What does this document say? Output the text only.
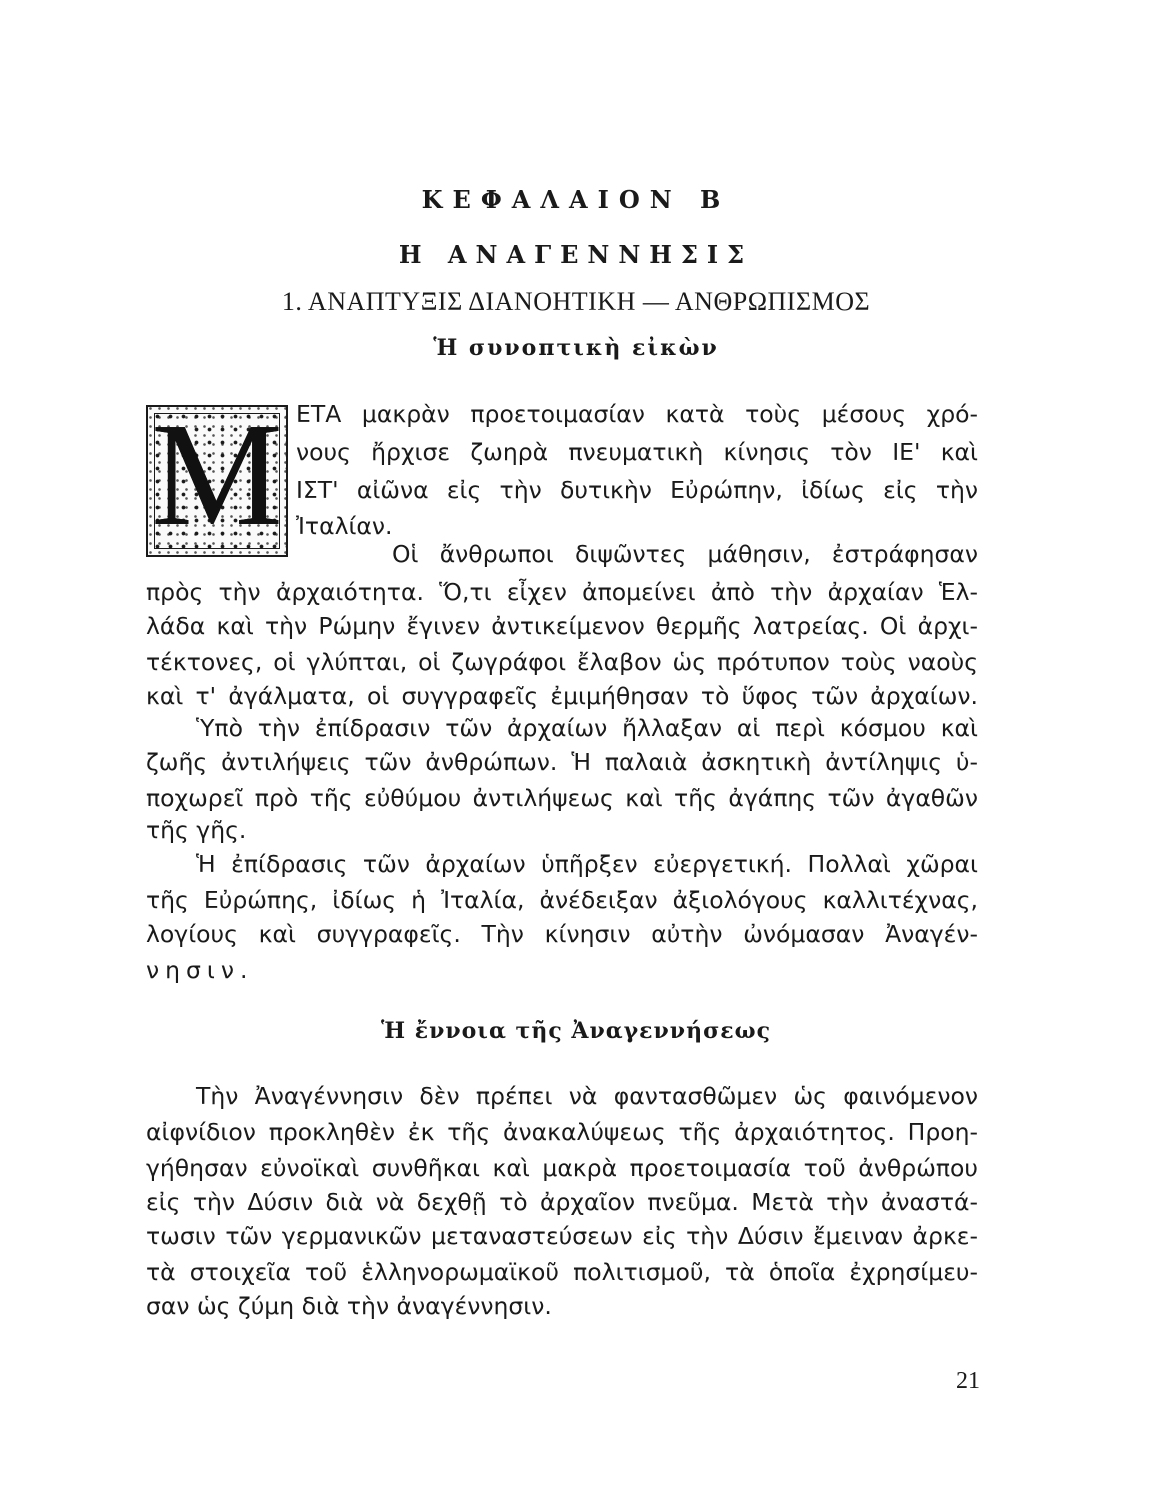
ΚΕΦΑΛΑΙΟΝ Β
Η ΑΝΑΓΕΝΝΗΣΙΣ
1. ΑΝΑΠΤΥΞΙΣ ΔΙΑΝΟΗΤΙΚΗ — ΑΝΘΡΩΠΙΣΜΟΣ
Ἡ συνοπτικὴ εἰκὼν
Μ ΕΤΑ μακρὰν προετοιμασίαν κατὰ τοὺς μέσους χρό-
νους ἤρχισε ζωηρὰ πνευματικὴ κίνησις τὸν ΙΕ' καὶ
ΙΣΤ' αἰῶνα εἰς τὴν δυτικὴν Εὐρώπην, ἰδίως εἰς τὴν
Ἰταλίαν.
Οἱ ἄνθρωποι διψῶντες μάθησιν, ἐστράφησαν
πρὸς τὴν ἀρχαιότητα. Ὅ,τι εἶχεν ἀπομείνει ἀπὸ τὴν ἀρχαίαν Ἑλ-
λάδα καὶ τὴν Ρώμην ἔγινεν ἀντικείμενον θερμῆς λατρείας. Οἱ ἀρχι-
τέκτονες, οἱ γλύπται, οἱ ζωγράφοι ἔλαβον ὡς πρότυπον τοὺς ναοὺς
καὶ τ' ἀγάλματα, οἱ συγγραφεῖς ἐμιμήθησαν τὸ ὕφος τῶν ἀρχαίων.
Ὑπὸ τὴν ἐπίδρασιν τῶν ἀρχαίων ἤλλαξαν αἱ περὶ κόσμου καὶ
ζωῆς ἀντιλήψεις τῶν ἀνθρώπων. Ἡ παλαιὰ ἀσκητικὴ ἀντίληψις ὑ-
ποχωρεῖ πρὸ τῆς εὐθύμου ἀντιλήψεως καὶ τῆς ἀγάπης τῶν ἀγαθῶν
τῆς γῆς.
Ἡ ἐπίδρασις τῶν ἀρχαίων ὑπῆρξεν εὐεργετική. Πολλαὶ χῶραι
τῆς Εὐρώπης, ἰδίως ἡ Ἰταλία, ἀνέδειξαν ἀξιολόγους καλλιτέχνας,
λογίους καὶ συγγραφεῖς. Τὴν κίνησιν αὐτὴν ὠνόμασαν Ἀναγέν-
νησιν.
Ἡ ἔννοια τῆς Ἀναγεννήσεως
Τὴν Ἀναγέννησιν δὲν πρέπει νὰ φαντασθῶμεν ὡς φαινόμενον
αἰφνίδιον προκληθὲν ἐκ τῆς ἀνακαλύψεως τῆς ἀρχαιότητος. Προη-
γήθησαν εὐνοϊκαὶ συνθῆκαι καὶ μακρὰ προετοιμασία τοῦ ἀνθρώπου
εἰς τὴν Δύσιν διὰ νὰ δεχθῇ τὸ ἀρχαῖον πνεῦμα. Μετὰ τὴν ἀναστά-
τωσιν τῶν γερμανικῶν μεταναστεύσεων εἰς τὴν Δύσιν ἔμειναν ἀρκε-
τὰ στοιχεῖα τοῦ ἑλληνορωμαϊκοῦ πολιτισμοῦ, τὰ ὁποῖα ἐχρησίμευ-
σαν ὡς ζύμη διὰ τὴν ἀναγέννησιν.
21
